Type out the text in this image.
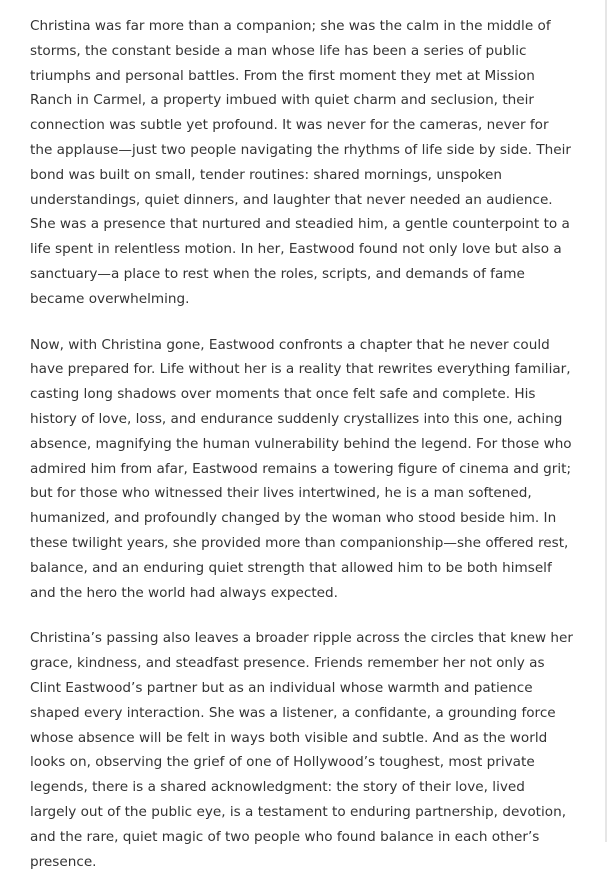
Christina was far more than a companion; she was the calm in the middle of storms, the constant beside a man whose life has been a series of public triumphs and personal battles. From the first moment they met at Mission Ranch in Carmel, a property imbued with quiet charm and seclusion, their connection was subtle yet profound. It was never for the cameras, never for the applause—just two people navigating the rhythms of life side by side. Their bond was built on small, tender routines: shared mornings, unspoken understandings, quiet dinners, and laughter that never needed an audience. She was a presence that nurtured and steadied him, a gentle counterpoint to a life spent in relentless motion. In her, Eastwood found not only love but also a sanctuary—a place to rest when the roles, scripts, and demands of fame became overwhelming.

Now, with Christina gone, Eastwood confronts a chapter that he never could have prepared for. Life without her is a reality that rewrites everything familiar, casting long shadows over moments that once felt safe and complete. His history of love, loss, and endurance suddenly crystallizes into this one, aching absence, magnifying the human vulnerability behind the legend. For those who admired him from afar, Eastwood remains a towering figure of cinema and grit; but for those who witnessed their lives intertwined, he is a man softened, humanized, and profoundly changed by the woman who stood beside him. In these twilight years, she provided more than companionship—she offered rest, balance, and an enduring quiet strength that allowed him to be both himself and the hero the world had always expected.

Christina’s passing also leaves a broader ripple across the circles that knew her grace, kindness, and steadfast presence. Friends remember her not only as Clint Eastwood’s partner but as an individual whose warmth and patience shaped every interaction. She was a listener, a confidante, a grounding force whose absence will be felt in ways both visible and subtle. And as the world looks on, observing the grief of one of Hollywood’s toughest, most private legends, there is a shared acknowledgment: the story of their love, lived largely out of the public eye, is a testament to enduring partnership, devotion, and the rare, quiet magic of two people who found balance in each other’s presence.
